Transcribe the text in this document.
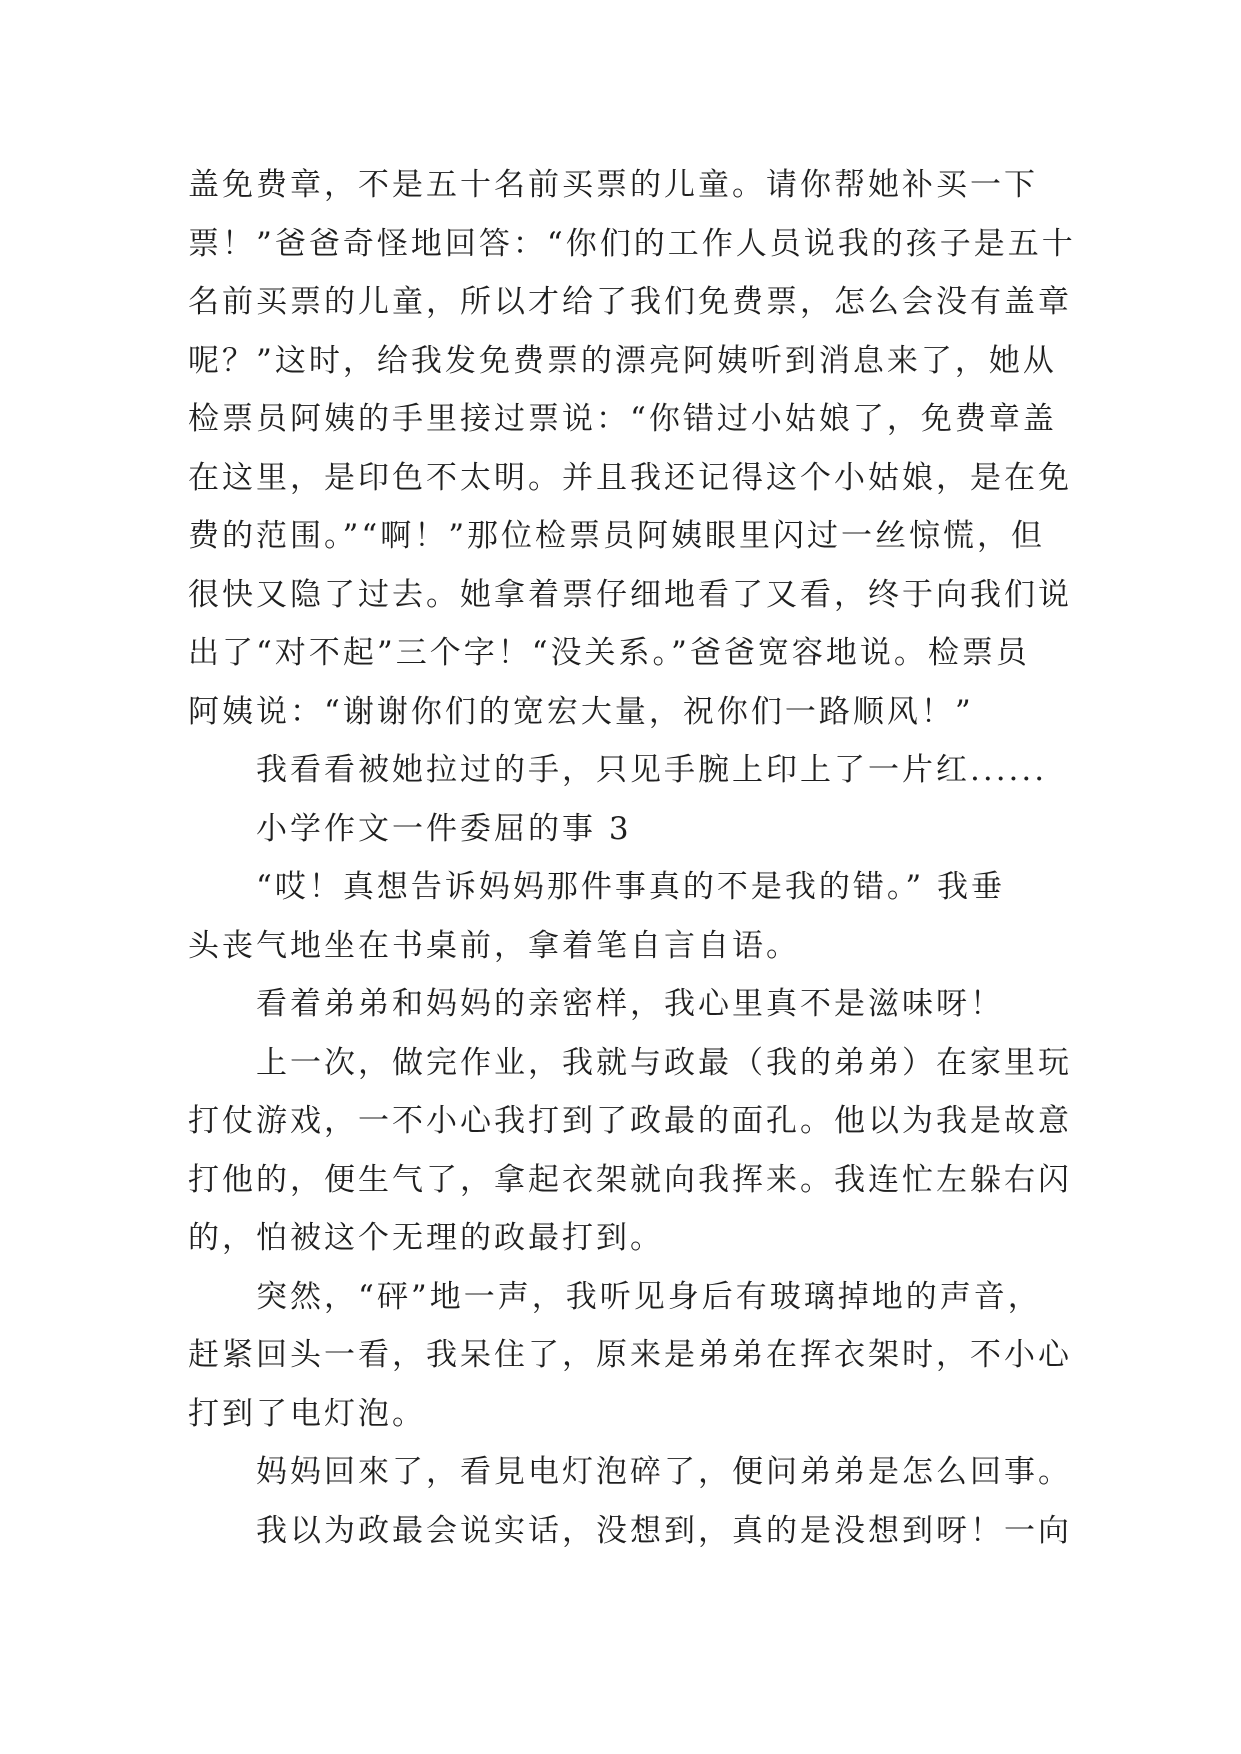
盖免费章，不是五十名前买票的儿童。请你帮她补买一下
票！”爸爸奇怪地回答：“你们的工作人员说我的孩子是五十
名前买票的儿童，所以才给了我们免费票，怎么会没有盖章
呢？”这时，给我发免费票的漂亮阿姨听到消息来了，她从
检票员阿姨的手里接过票说：“你错过小姑娘了，免费章盖
在这里，是印色不太明。并且我还记得这个小姑娘，是在免
费的范围。”“啊！”那位检票员阿姨眼里闪过一丝惊慌，但
很快又隐了过去。她拿着票仔细地看了又看，终于向我们说
出了“对不起”三个字！“没关系。”爸爸宽容地说。检票员
阿姨说：“谢谢你们的宽宏大量，祝你们一路顺风！”
我看看被她拉过的手，只见手腕上印上了一片红......
小学作文一件委屈的事 3
“哎！真想告诉妈妈那件事真的不是我的错。” 我垂
头丧气地坐在书桌前，拿着笔自言自语。
看着弟弟和妈妈的亲密样，我心里真不是滋味呀！
上一次，做完作业，我就与政最（我的弟弟）在家里玩
打仗游戏，一不小心我打到了政最的面孔。他以为我是故意
打他的，便生气了，拿起衣架就向我挥来。我连忙左躲右闪
的，怕被这个无理的政最打到。
突然，“砰”地一声，我听见身后有玻璃掉地的声音，
赶紧回头一看，我呆住了，原来是弟弟在挥衣架时，不小心
打到了电灯泡。
妈妈回來了，看見电灯泡碎了，便问弟弟是怎么回事。
我以为政最会说实话，没想到，真的是没想到呀！一向
